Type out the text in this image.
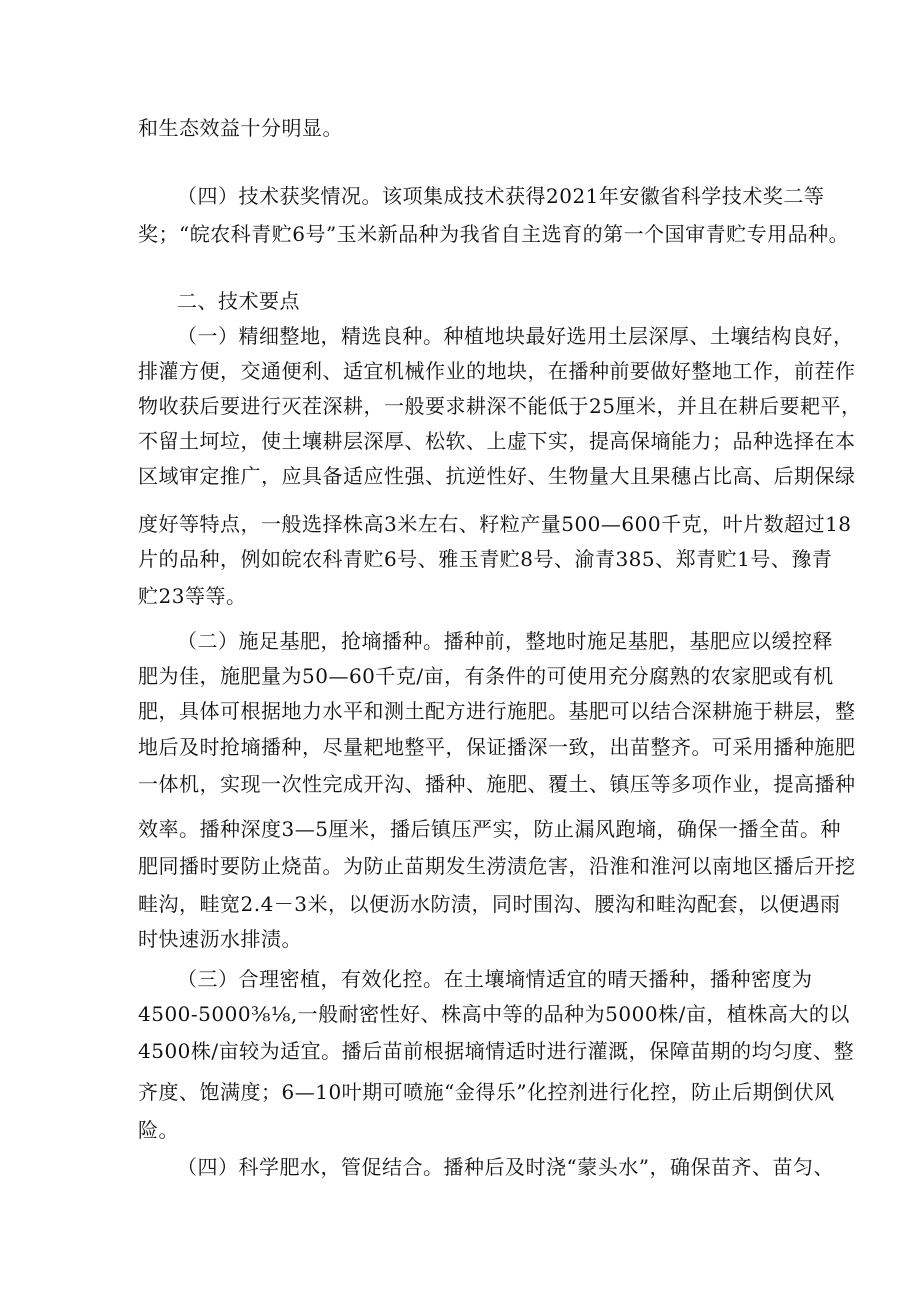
和生态效益十分明显。
（四）技术获奖情况。该项集成技术获得2021年安徽省科学技术奖二等
奖；“皖农科青贮6号”玉米新品种为我省自主选育的第一个国审青贮专用品种。
二、技术要点
（一）精细整地，精选良种。种植地块最好选用土层深厚、土壤结构良好，
排灌方便，交通便利、适宜机械作业的地块，在播种前要做好整地工作，前茬作
物收获后要进行灭茬深耕，一般要求耕深不能低于25厘米，并且在耕后要耙平，
不留土坷垃，使土壤耕层深厚、松软、上虚下实，提高保墒能力；品种选择在本
区域审定推广，应具备适应性强、抗逆性好、生物量大且果穗占比高、后期保绿
度好等特点，一般选择株高3米左右、籽粒产量500—600千克，叶片数超过18
片的品种，例如皖农科青贮6号、雅玉青贮8号、渝青385、郑青贮1号、豫青
贮23等等。
（二）施足基肥，抢墒播种。播种前，整地时施足基肥，基肥应以缓控释
肥为佳，施肥量为50—60千克/亩，有条件的可使用充分腐熟的农家肥或有机
肥，具体可根据地力水平和测土配方进行施肥。基肥可以结合深耕施于耕层，整
地后及时抢墒播种，尽量耙地整平，保证播深一致，出苗整齐。可采用播种施肥
一体机，实现一次性完成开沟、播种、施肥、覆土、镇压等多项作业，提高播种
效率。播种深度3—5厘米，播后镇压严实，防止漏风跑墒，确保一播全苗。种
肥同播时要防止烧苗。为防止苗期发生涝渍危害，沿淮和淮河以南地区播后开挖
畦沟，畦宽2.4－3米，以便沥水防渍，同时围沟、腰沟和畦沟配套，以便遇雨
时快速沥水排渍。
（三）合理密植，有效化控。在土壤墒情适宜的晴天播种，播种密度为
4500-5000⅜⅛,一般耐密性好、株高中等的品种为5000株/亩，植株高大的以
4500株/亩较为适宜。播后苗前根据墒情适时进行灌溉，保障苗期的均匀度、整
齐度、饱满度；6—10叶期可喷施“金得乐”化控剂进行化控，防止后期倒伏风
险。
（四）科学肥水，管促结合。播种后及时浇“蒙头水”，确保苗齐、苗匀、
